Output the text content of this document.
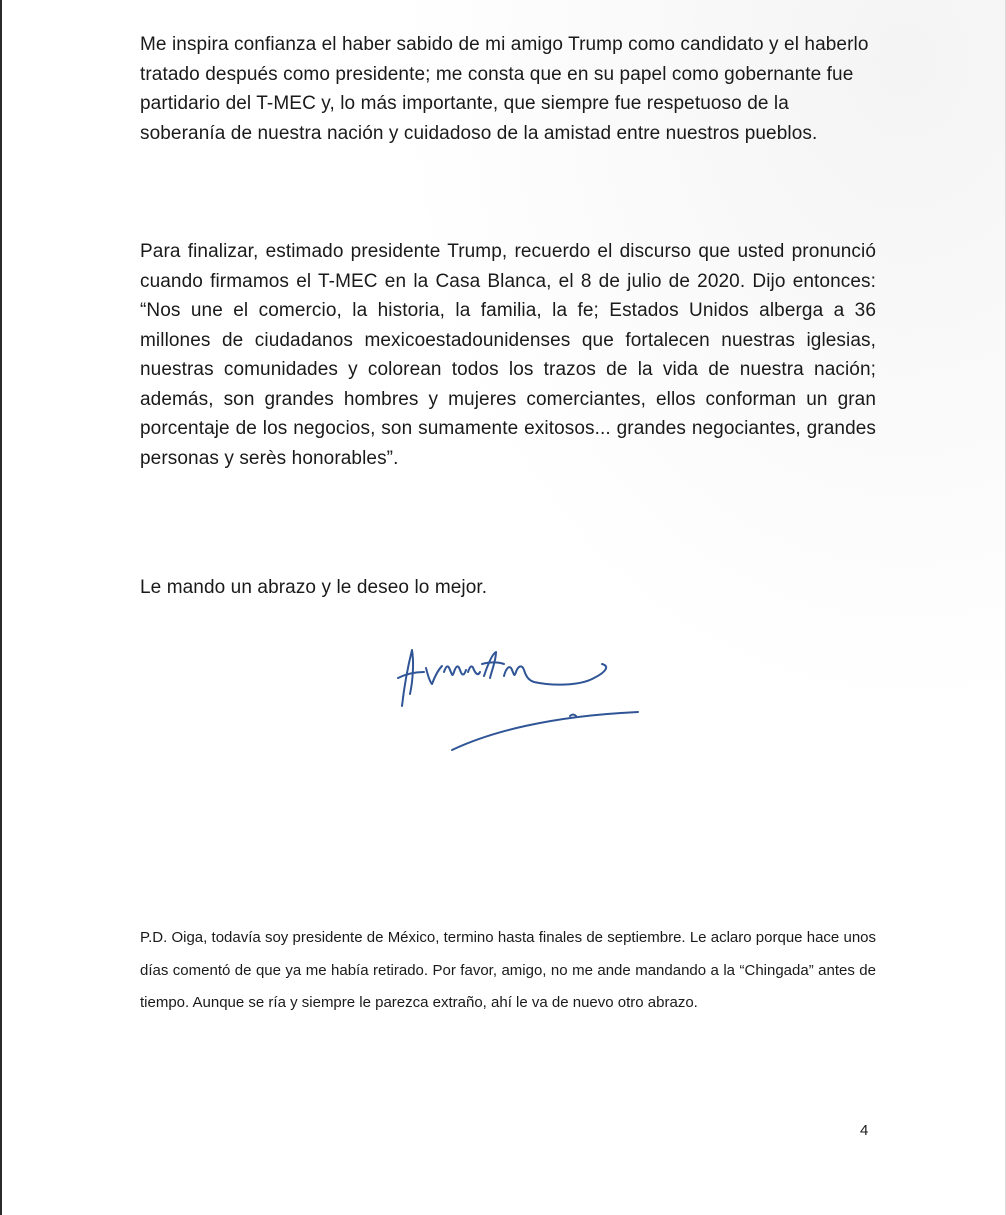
Me inspira confianza el haber sabido de mi amigo Trump como candidato y el haberlo tratado después como presidente; me consta que en su papel como gobernante fue partidario del T-MEC y, lo más importante, que siempre fue respetuoso de la soberanía de nuestra nación y cuidadoso de la amistad entre nuestros pueblos.

Para finalizar, estimado presidente Trump, recuerdo el discurso que usted pronunció cuando firmamos el T-MEC en la Casa Blanca, el 8 de julio de 2020. Dijo entonces: “Nos une el comercio, la historia, la familia, la fe; Estados Unidos alberga a 36 millones de ciudadanos mexicoestadounidenses que fortalecen nuestras iglesias, nuestras comunidades y colorean todos los trazos de la vida de nuestra nación; además, son grandes hombres y mujeres comerciantes, ellos conforman un gran porcentaje de los negocios, son sumamente exitosos... grandes negociantes, grandes personas y serès honorables”.

Le mando un abrazo y le deseo lo mejor.

P.D. Oiga, todavía soy presidente de México, termino hasta finales de septiembre. Le aclaro porque hace unos días comentó de que ya me había retirado. Por favor, amigo, no me ande mandando a la “Chingada” antes de tiempo. Aunque se ría y siempre le parezca extraño, ahí le va de nuevo otro abrazo.

4
